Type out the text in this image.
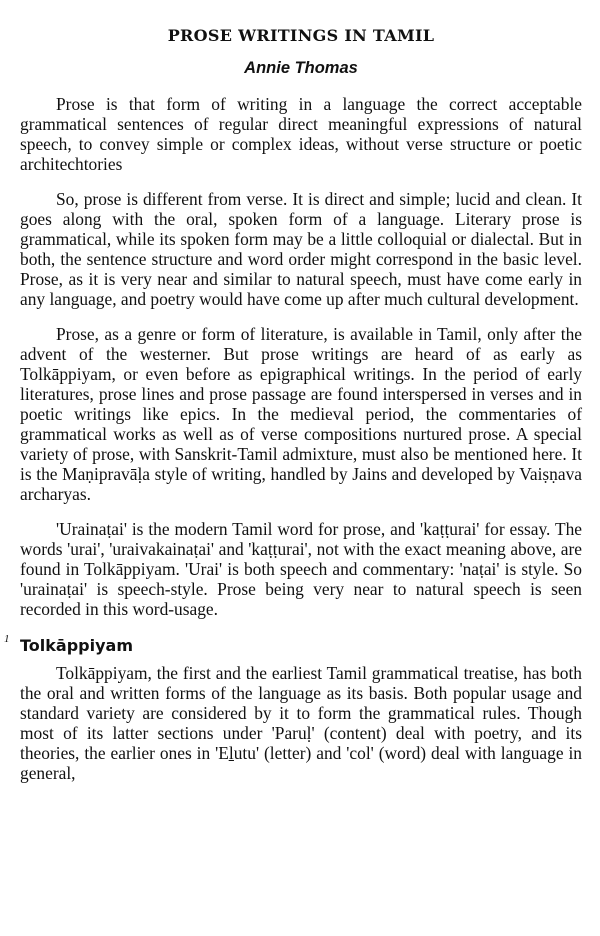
PROSE WRITINGS IN TAMIL
Annie Thomas

Prose is that form of writing in a language the correct acceptable grammatical sentences of regular direct meaningful expressions of natural speech, to convey simple or complex ideas, without verse structure or poetic architechtories

So, prose is different from verse. It is direct and simple; lucid and clean. It goes along with the oral, spoken form of a language. Literary prose is grammatical, while its spoken form may be a little colloquial or dialectal. But in both, the sentence structure and word order might correspond in the basic level. Prose, as it is very near and similar to natural speech, must have come early in any language, and poetry would have come up after much cultural development.

Prose, as a genre or form of literature, is available in Tamil, only after the advent of the westerner. But prose writings are heard of as early as Tolkāppiyam, or even before as epigraphical writings. In the period of early literatures, prose lines and prose passage are found interspersed in verses and in poetic writings like epics. In the medieval period, the commentaries of grammatical works as well as of verse compositions nurtured prose. A special variety of prose, with Sanskrit-Tamil admixture, must also be mentioned here. It is the Maṇipravāḷa style of writing, handled by Jains and developed by Vaiṣṇava archaryas.

'Urainaṭai' is the modern Tamil word for prose, and 'kaṭṭurai' for essay. The words 'urai', 'uraivakainaṭai' and 'kaṭṭurai', not with the exact meaning above, are found in Tolkāppiyam. 'Urai' is both speech and commentary: 'naṭai' is style. So 'urainaṭai' is speech-style. Prose being very near to natural speech is seen recorded in this word-usage.

1 Tolkāppiyam

Tolkāppiyam, the first and the earliest Tamil grammatical treatise, has both the oral and written forms of the language as its basis. Both popular usage and standard variety are considered by it to form the grammatical rules. Though most of its latter sections under 'Paruḷ' (content) deal with poetry, and its theories, the earlier ones in 'Eḻutu' (letter) and 'col' (word) deal with language in general,
